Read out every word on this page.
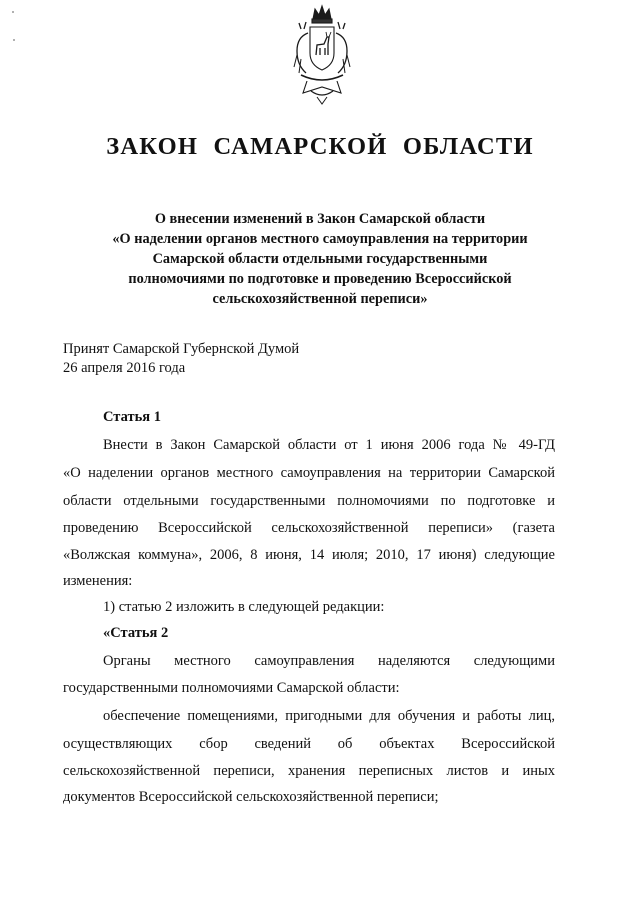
ЗАКОН САМАРСКОЙ ОБЛАСТИ
О внесении изменений в Закон Самарской области
«О наделении органов местного самоуправления на территории
Самарской области отдельными государственными
полномочиями по подготовке и проведению Всероссийской
сельскохозяйственной переписи»
Принят Самарской Губернской Думой
26 апреля 2016 года
Статья 1
Внести в Закон Самарской области от 1 июня 2006 года № 49-ГД
«О наделении органов местного самоуправления на территории Самарской
области отдельными государственными полномочиями по подготовке и
проведению Всероссийской сельскохозяйственной переписи» (газета
«Волжская коммуна», 2006, 8 июня, 14 июля; 2010, 17 июня) следующие
изменения:
1) статью 2 изложить в следующей редакции:
«Статья 2
Органы местного самоуправления наделяются следующими
государственными полномочиями Самарской области:
обеспечение помещениями, пригодными для обучения и работы лиц,
осуществляющих сбор сведений об объектах Всероссийской
сельскохозяйственной переписи, хранения переписных листов и иных
документов Всероссийской сельскохозяйственной переписи;
